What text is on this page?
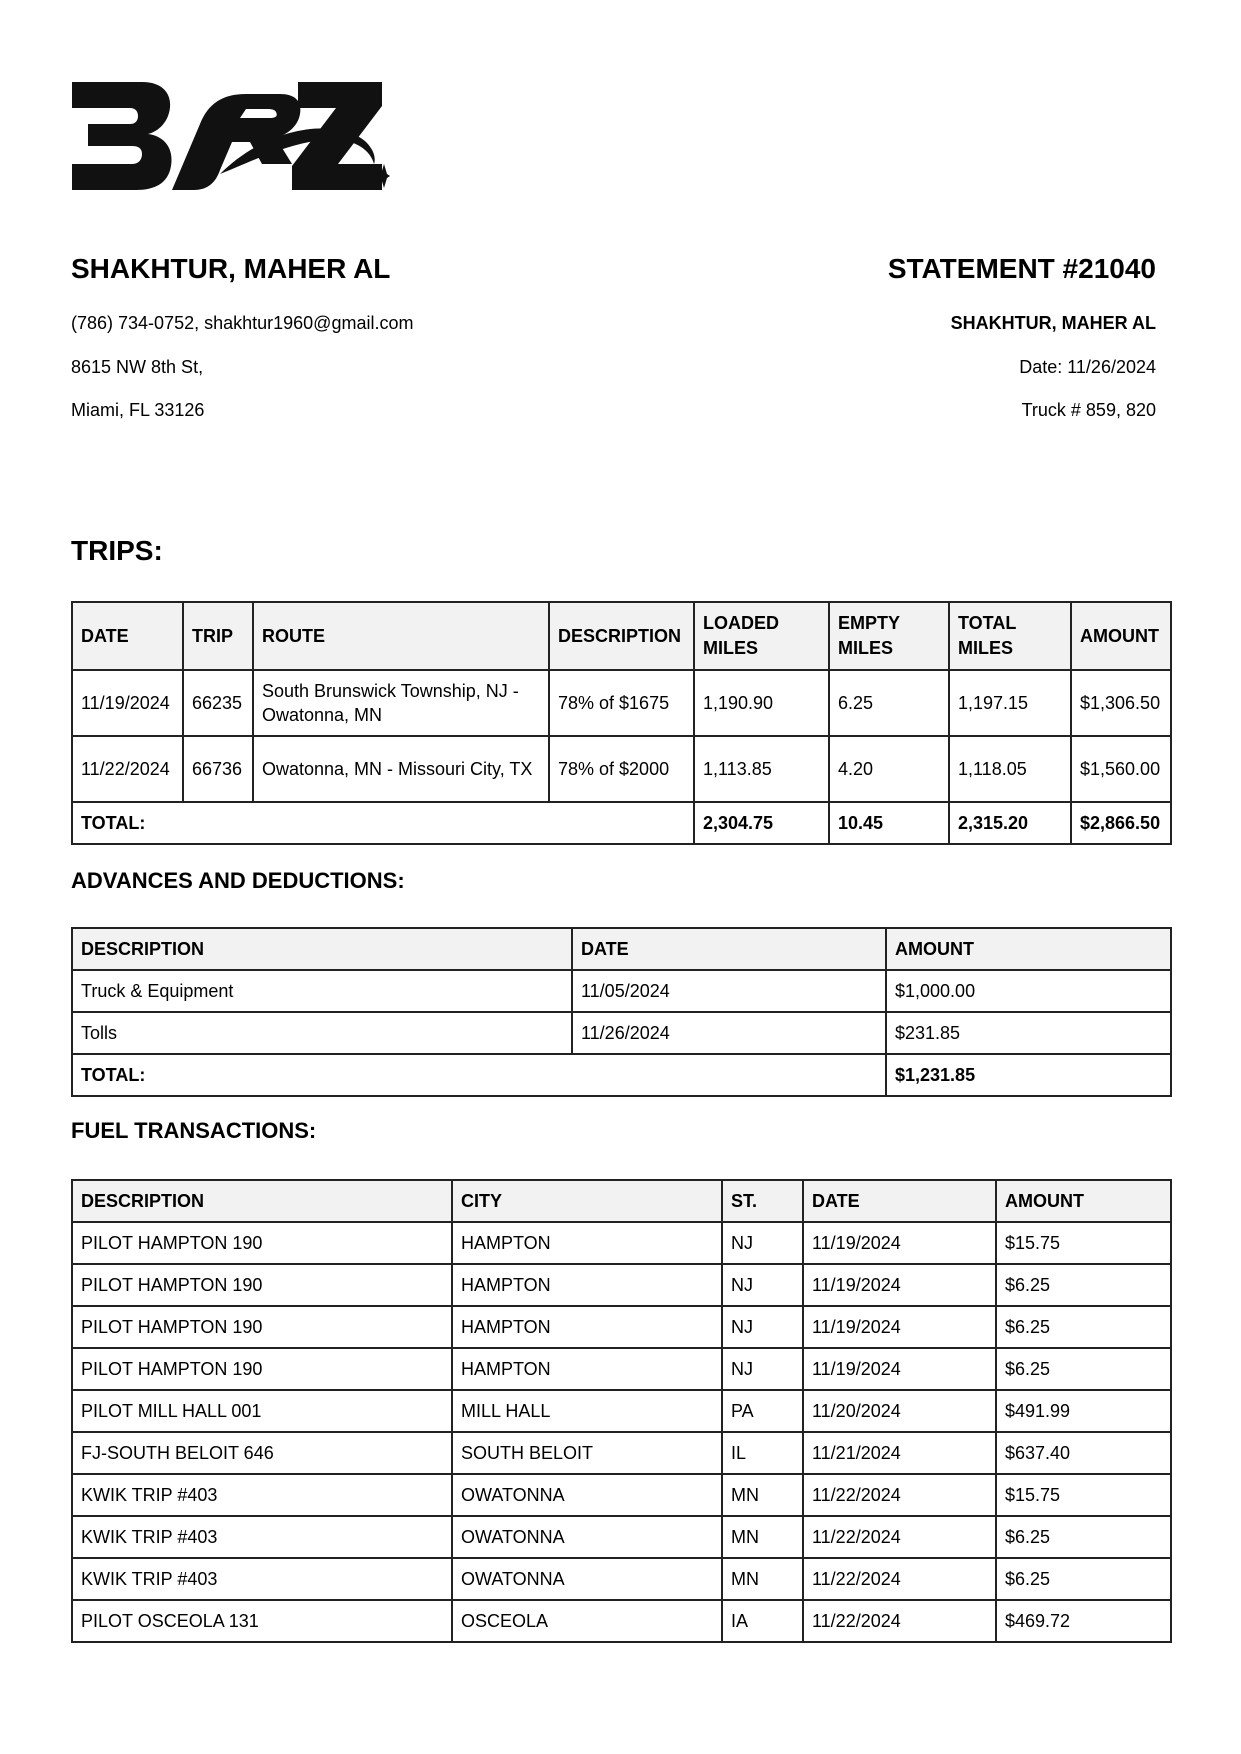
SHAKHTUR, MAHER AL	STATEMENT #21040
(786) 734-0752, shakhtur1960@gmail.com
8615 NW 8th St,
Miami, FL 33126
SHAKHTUR, MAHER AL
Date: 11/26/2024
Truck # 859, 820
TRIPS:
DATE	TRIP	ROUTE	DESCRIPTION	LOADED MILES	EMPTY MILES	TOTAL MILES	AMOUNT
11/19/2024	66235	South Brunswick Township, NJ - Owatonna, MN	78% of $1675	1,190.90	6.25	1,197.15	$1,306.50
11/22/2024	66736	Owatonna, MN - Missouri City, TX	78% of $2000	1,113.85	4.20	1,118.05	$1,560.00
TOTAL:				2,304.75	10.45	2,315.20	$2,866.50
ADVANCES AND DEDUCTIONS:
DESCRIPTION	DATE	AMOUNT
Truck & Equipment	11/05/2024	$1,000.00
Tolls	11/26/2024	$231.85
TOTAL:		$1,231.85
FUEL TRANSACTIONS:
DESCRIPTION	CITY	ST.	DATE	AMOUNT
PILOT HAMPTON 190	HAMPTON	NJ	11/19/2024	$15.75
PILOT HAMPTON 190	HAMPTON	NJ	11/19/2024	$6.25
PILOT HAMPTON 190	HAMPTON	NJ	11/19/2024	$6.25
PILOT HAMPTON 190	HAMPTON	NJ	11/19/2024	$6.25
PILOT MILL HALL 001	MILL HALL	PA	11/20/2024	$491.99
FJ-SOUTH BELOIT 646	SOUTH BELOIT	IL	11/21/2024	$637.40
KWIK TRIP #403	OWATONNA	MN	11/22/2024	$15.75
KWIK TRIP #403	OWATONNA	MN	11/22/2024	$6.25
KWIK TRIP #403	OWATONNA	MN	11/22/2024	$6.25
PILOT OSCEOLA 131	OSCEOLA	IA	11/22/2024	$469.72
